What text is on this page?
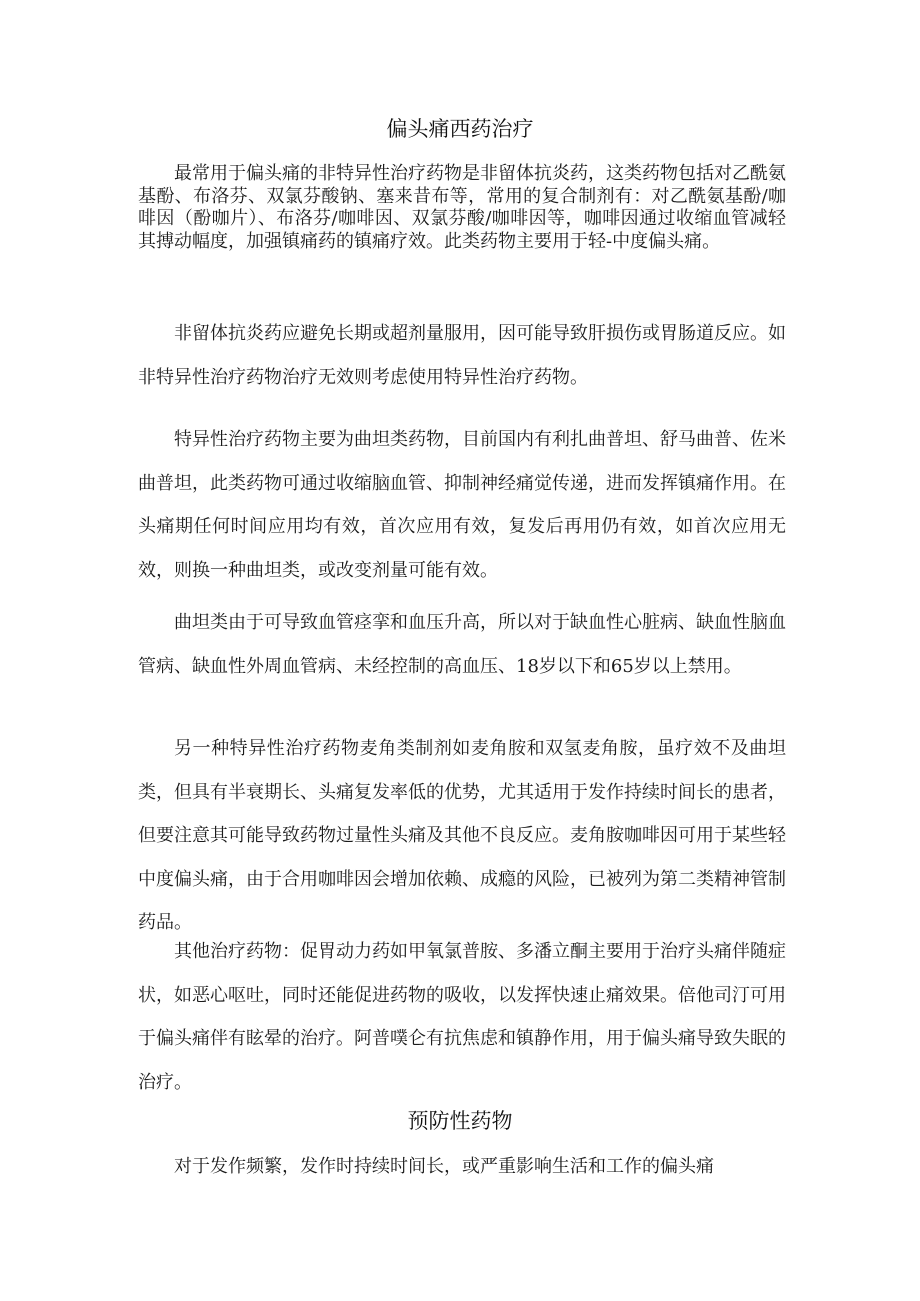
偏头痛西药治疗

最常用于偏头痛的非特异性治疗药物是非留体抗炎药，这类药物包括对乙酰氨基酚、布洛芬、双氯芬酸钠、塞来昔布等，常用的复合制剂有：对乙酰氨基酚/咖啡因（酚咖片）、布洛芬/咖啡因、双氯芬酸/咖啡因等，咖啡因通过收缩血管减轻其搏动幅度，加强镇痛药的镇痛疗效。此类药物主要用于轻-中度偏头痛。

非留体抗炎药应避免长期或超剂量服用，因可能导致肝损伤或胃肠道反应。如非特异性治疗药物治疗无效则考虑使用特异性治疗药物。

特异性治疗药物主要为曲坦类药物，目前国内有利扎曲普坦、舒马曲普、佐米曲普坦，此类药物可通过收缩脑血管、抑制神经痛觉传递，进而发挥镇痛作用。在头痛期任何时间应用均有效，首次应用有效，复发后再用仍有效，如首次应用无效，则换一种曲坦类，或改变剂量可能有效。

曲坦类由于可导致血管痉挛和血压升高，所以对于缺血性心脏病、缺血性脑血管病、缺血性外周血管病、未经控制的高血压、18岁以下和65岁以上禁用。

另一种特异性治疗药物麦角类制剂如麦角胺和双氢麦角胺，虽疗效不及曲坦类，但具有半衰期长、头痛复发率低的优势，尤其适用于发作持续时间长的患者，但要注意其可能导致药物过量性头痛及其他不良反应。麦角胺咖啡因可用于某些轻中度偏头痛，由于合用咖啡因会增加依赖、成瘾的风险，已被列为第二类精神管制药品。

其他治疗药物：促胃动力药如甲氧氯普胺、多潘立酮主要用于治疗头痛伴随症状，如恶心呕吐，同时还能促进药物的吸收，以发挥快速止痛效果。倍他司汀可用于偏头痛伴有眩晕的治疗。阿普噗仑有抗焦虑和镇静作用，用于偏头痛导致失眠的治疗。

预防性药物

对于发作频繁，发作时持续时间长，或严重影响生活和工作的偏头痛
